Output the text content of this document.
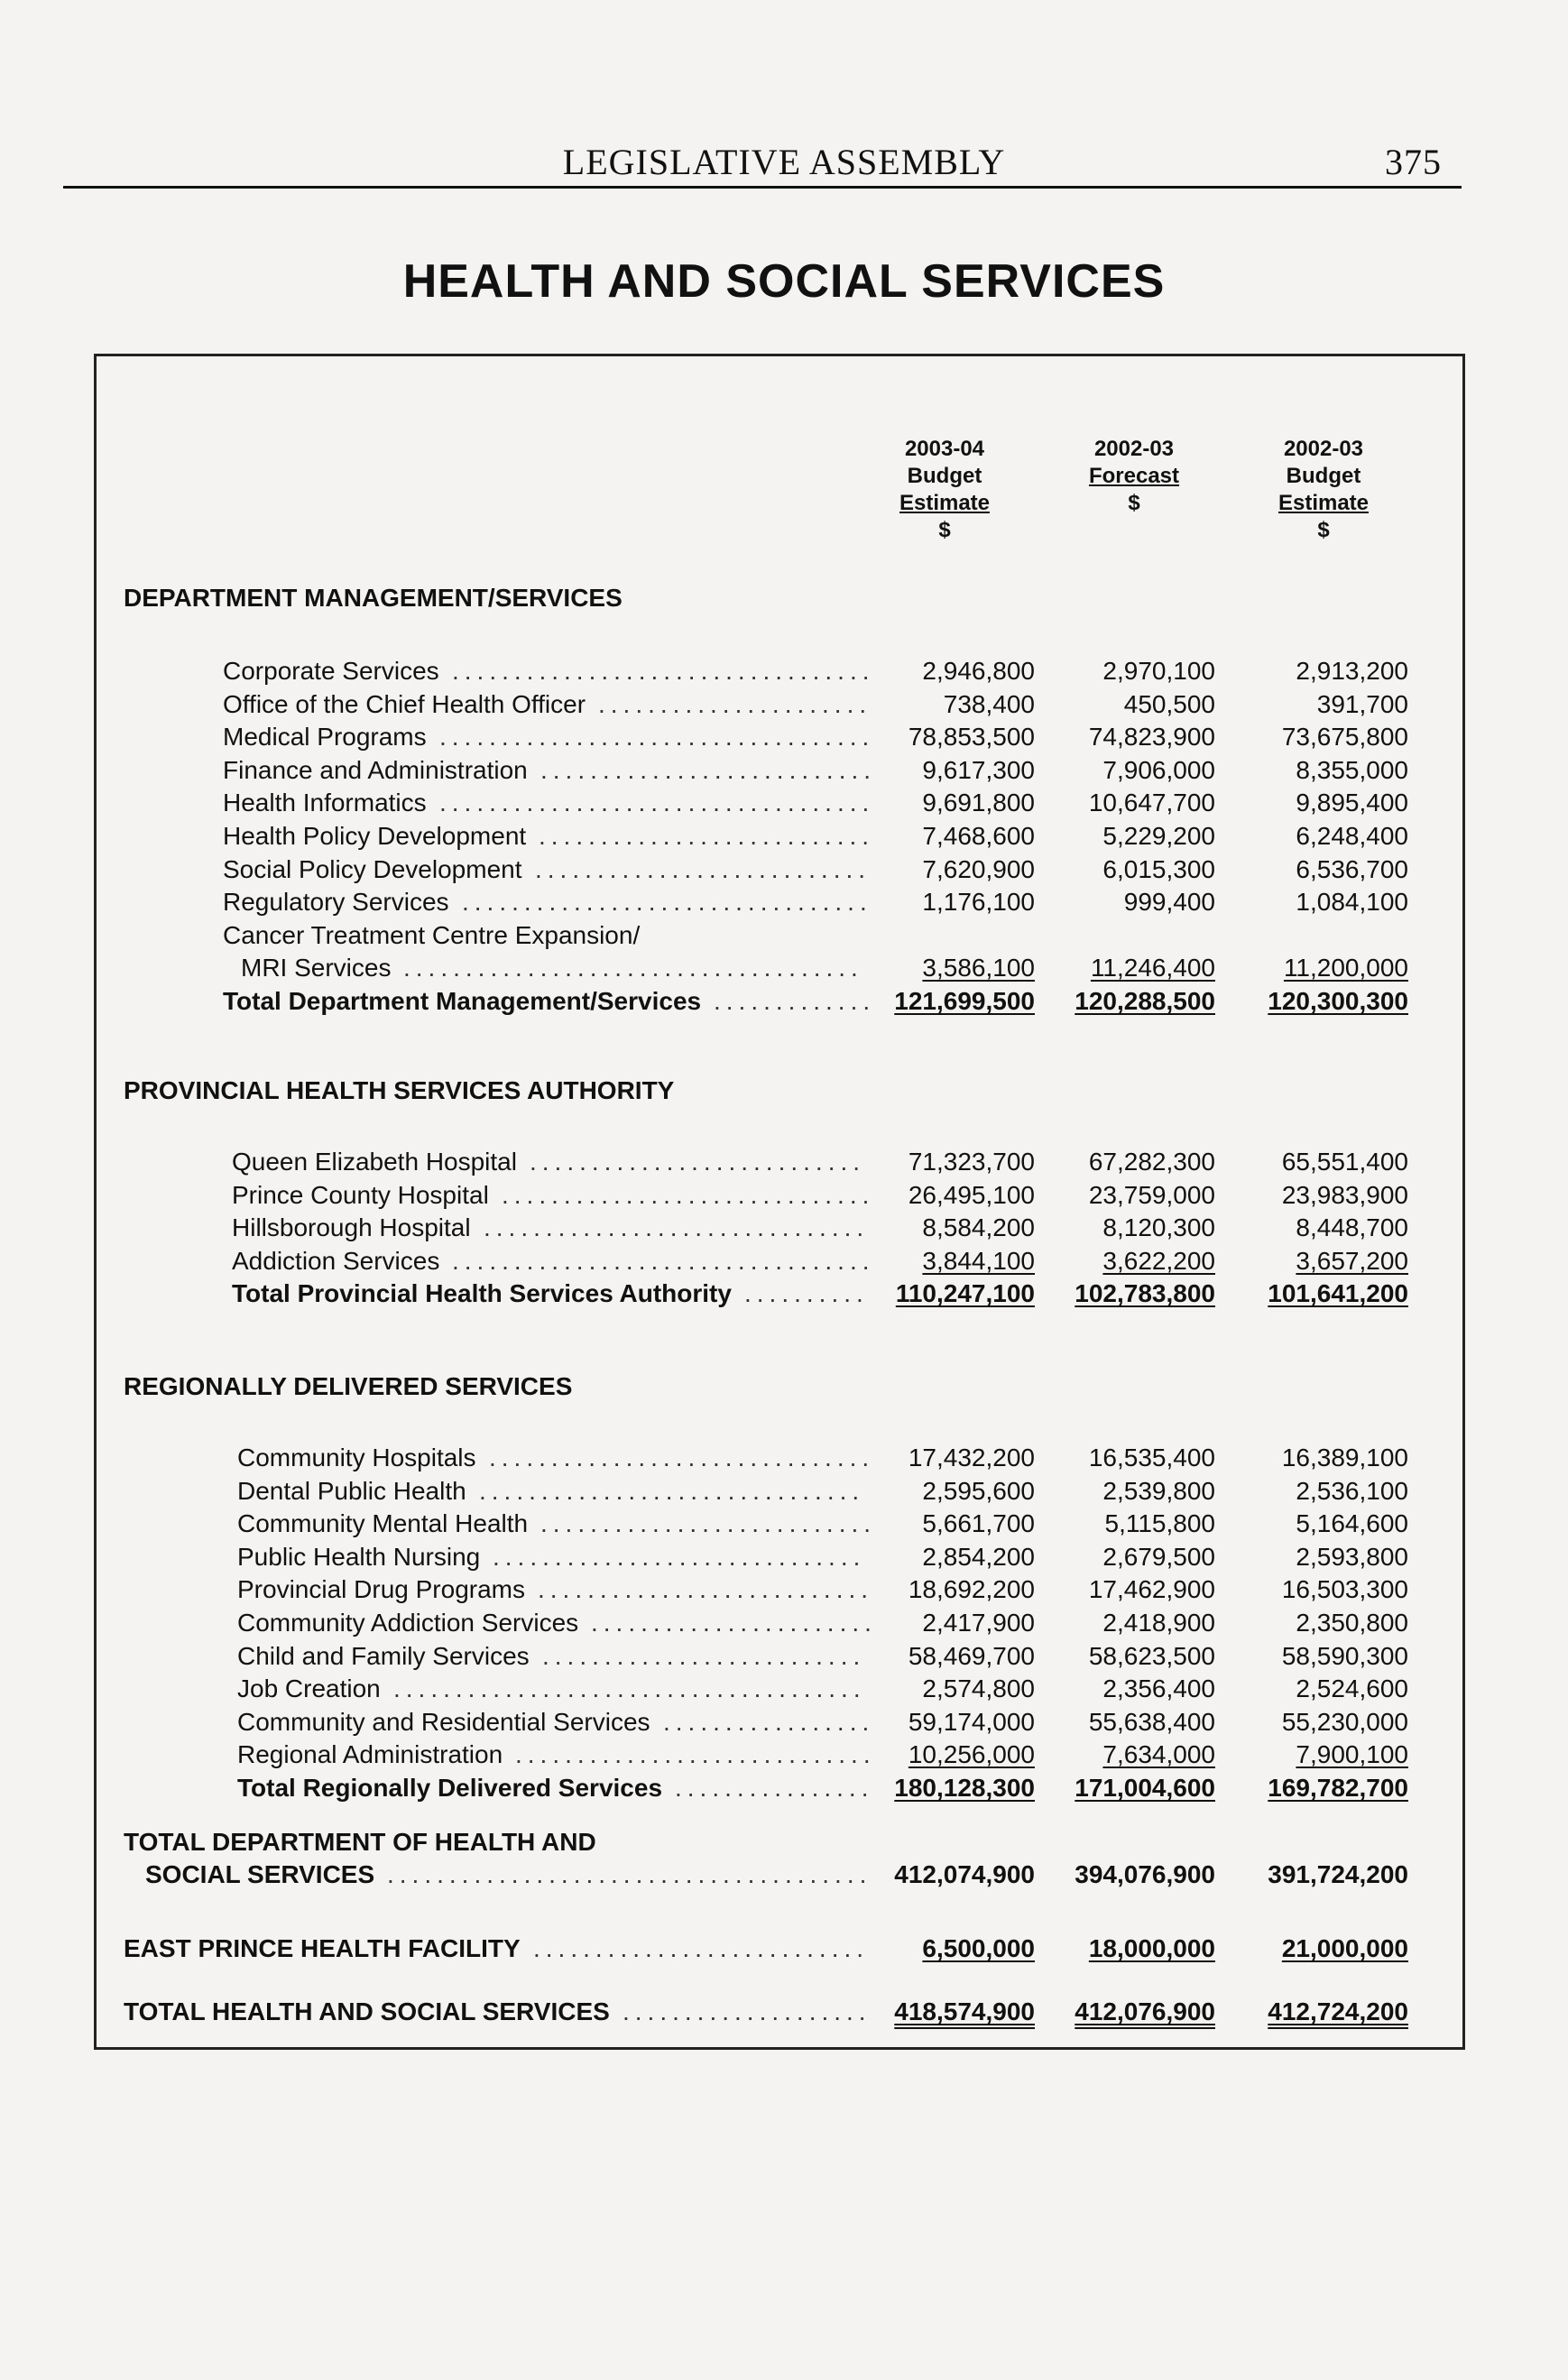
LEGISLATIVE ASSEMBLY	375
HEALTH AND SOCIAL SERVICES
2003-04
Budget
Estimate
$
2002-03
Forecast
$
2002-03
Budget
Estimate
$
DEPARTMENT MANAGEMENT/SERVICES
Corporate Services ..................................	2,946,800	2,970,100	2,913,200
Office of the Chief Health Officer ......................	738,400	450,500	391,700
Medical Programs ...................................	78,853,500	74,823,900	73,675,800
Finance and Administration ...........................	9,617,300	7,906,000	8,355,000
Health Informatics ...................................	9,691,800	10,647,700	9,895,400
Health Policy Development ...........................	7,468,600	5,229,200	6,248,400
Social Policy Development ...........................	7,620,900	6,015,300	6,536,700
Regulatory Services .................................	1,176,100	999,400	1,084,100
Cancer Treatment Centre Expansion/
MRI Services .....................................	3,586,100	11,246,400	11,200,000
Total Department Management/Services ............. 121,699,500	120,288,500	120,300,300
PROVINCIAL HEALTH SERVICES AUTHORITY
Queen Elizabeth Hospital ...........................	71,323,700	67,282,300	65,551,400
Prince County Hospital ..............................	26,495,100	23,759,000	23,983,900
Hillsborough Hospital ...............................	8,584,200	8,120,300	8,448,700
Addiction Services ..................................	3,844,100	3,622,200	3,657,200
Total Provincial Health Services Authority ..........	110,247,100	102,783,800	101,641,200
REGIONALLY DELIVERED SERVICES
Community Hospitals ...............................	17,432,200	16,535,400	16,389,100
Dental Public Health ...............................	2,595,600	2,539,800	2,536,100
Community Mental Health ...........................	5,661,700	5,115,800	5,164,600
Public Health Nursing ..............................	2,854,200	2,679,500	2,593,800
Provincial Drug Programs ...........................	18,692,200	17,462,900	16,503,300
Community Addiction Services .......................	2,417,900	2,418,900	2,350,800
Child and Family Services ..........................	58,469,700	58,623,500	58,590,300
Job Creation ......................................	2,574,800	2,356,400	2,524,600
Community and Residential Services .................	59,174,000	55,638,400	55,230,000
Regional Administration .............................	10,256,000	7,634,000	7,900,100
Total Regionally Delivered Services ................ 180,128,300	171,004,600	169,782,700
TOTAL DEPARTMENT OF HEALTH AND
SOCIAL SERVICES ....................................... 412,074,900	394,076,900	391,724,200
EAST PRINCE HEALTH FACILITY ...........................	6,500,000	18,000,000	21,000,000
TOTAL HEALTH AND SOCIAL SERVICES .................... 418,574,900	412,076,900	412,724,200
